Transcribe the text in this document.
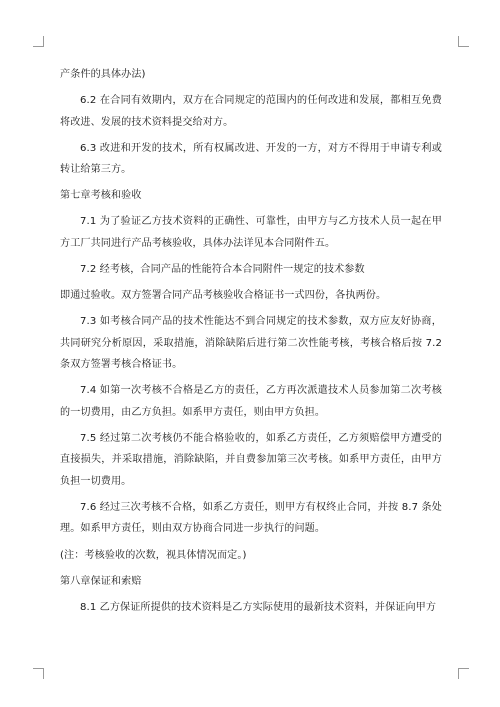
产条件的具体办法)

6.2 在合同有效期内，双方在合同规定的范围内的任何改进和发展，都相互免费将改进、发展的技术资料提交给对方。

6.3 改进和开发的技术，所有权属改进、开发的一方，对方不得用于申请专利或转让给第三方。

第七章考核和验收

7.1 为了验证乙方技术资料的正确性、可靠性，由甲方与乙方技术人员一起在甲方工厂共同进行产品考核验收，具体办法详见本合同附件五。

7.2 经考核，合同产品的性能符合本合同附件一规定的技术参数

即通过验收。双方签署合同产品考核验收合格证书一式四份，各执两份。

7.3 如考核合同产品的技术性能达不到合同规定的技术参数，双方应友好协商，共同研究分析原因，采取措施，消除缺陷后进行第二次性能考核，考核合格后按 7.2 条双方签署考核合格证书。

7.4 如第一次考核不合格是乙方的责任，乙方再次派遣技术人员参加第二次考核的一切费用，由乙方负担。如系甲方责任，则由甲方负担。

7.5 经过第二次考核仍不能合格验收的，如系乙方责任，乙方须赔偿甲方遭受的直接损失，并采取措施，消除缺陷，并自费参加第三次考核。如系甲方责任，由甲方负担一切费用。

7.6 经过三次考核不合格，如系乙方责任，则甲方有权终止合同，并按 8.7 条处理。如系甲方责任，则由双方协商合同进一步执行的问题。

(注：考核验收的次数，视具体情况而定。)

第八章保证和索赔

8.1 乙方保证所提供的技术资料是乙方实际使用的最新技术资料，并保证向甲方
